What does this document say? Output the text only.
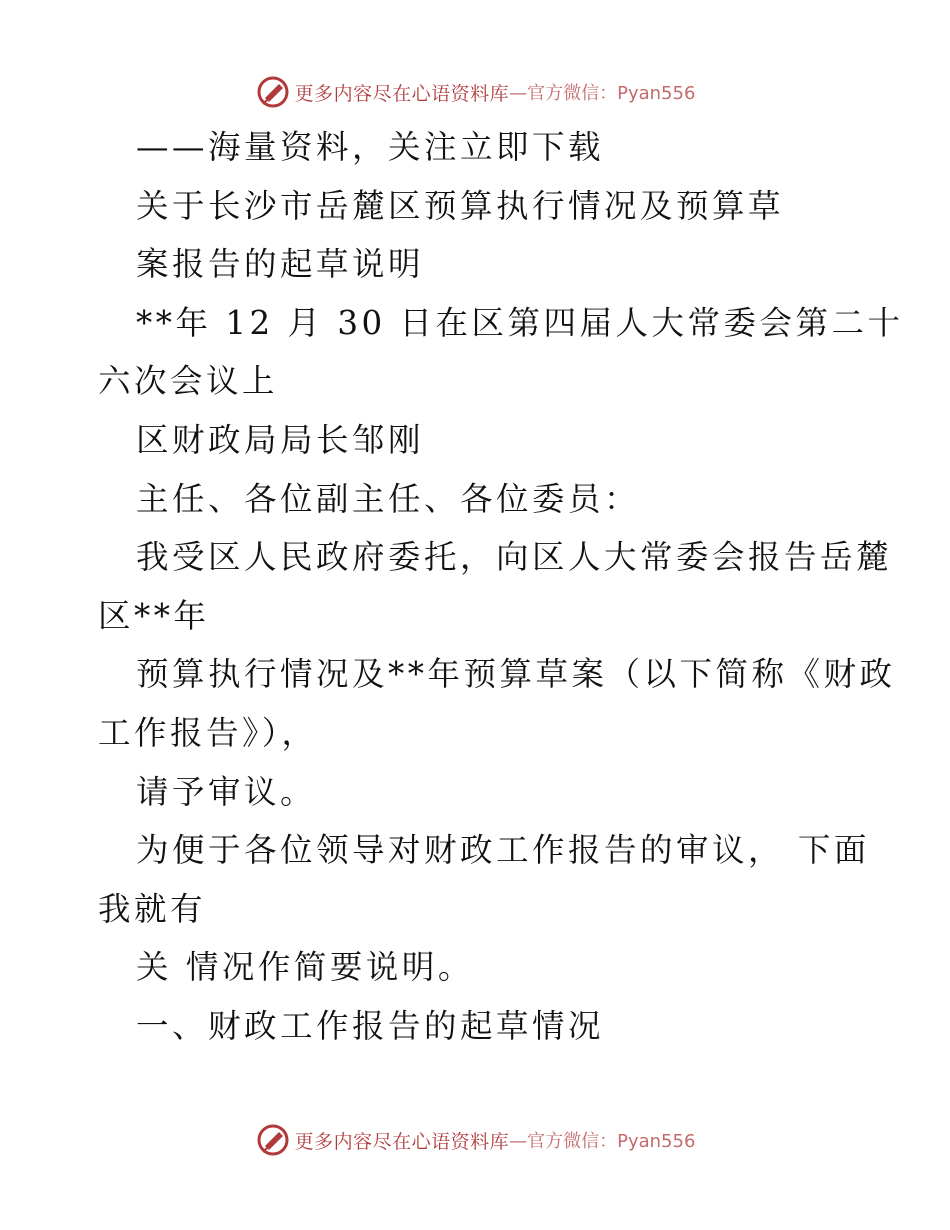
更多内容尽在心语资料库 —官方微信：Pyan556
——海量资料，关注立即下载
关于长沙市岳麓区预算执行情况及预算草
案报告的起草说明
**年 12 月 30 日在区第四届人大常委会第二十
六次会议上
区财政局局长邹刚
主任、各位副主任、各位委员：
我受区人民政府委托，向区人大常委会报告岳麓
区**年
预算执行情况及**年预算草案（以下简称《财政
工作报告》），
请予审议。
为便于各位领导对财政工作报告的审议， 下面
我就有
关 情况作简要说明。
一、财政工作报告的起草情况
更多内容尽在心语资料库 —官方微信：Pyan556
